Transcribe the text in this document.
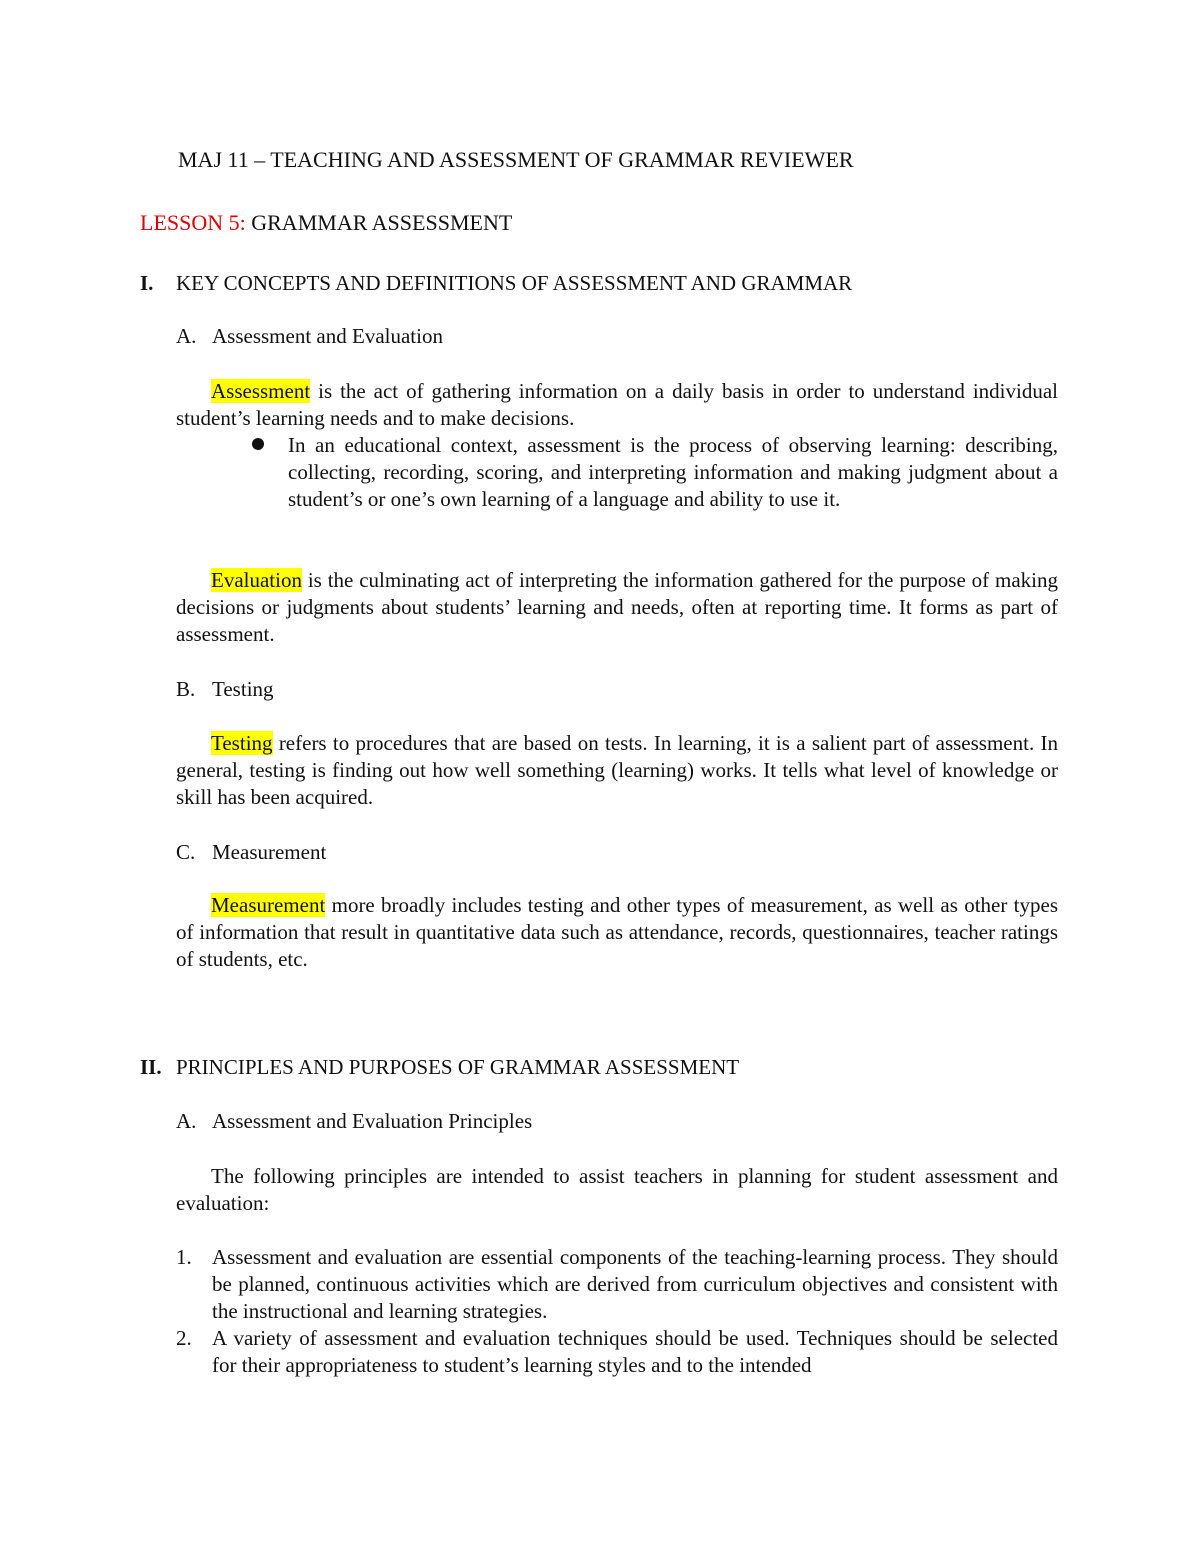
MAJ 11 – TEACHING AND ASSESSMENT OF GRAMMAR REVIEWER
LESSON 5: GRAMMAR ASSESSMENT
I. KEY CONCEPTS AND DEFINITIONS OF ASSESSMENT AND GRAMMAR
A. Assessment and Evaluation
Assessment is the act of gathering information on a daily basis in order to understand individual student’s learning needs and to make decisions.
In an educational context, assessment is the process of observing learning: describing, collecting, recording, scoring, and interpreting information and making judgment about a student’s or one’s own learning of a language and ability to use it.
Evaluation is the culminating act of interpreting the information gathered for the purpose of making decisions or judgments about students’ learning and needs, often at reporting time. It forms as part of assessment.
B. Testing
Testing refers to procedures that are based on tests. In learning, it is a salient part of assessment. In general, testing is finding out how well something (learning) works. It tells what level of knowledge or skill has been acquired.
C. Measurement
Measurement more broadly includes testing and other types of measurement, as well as other types of information that result in quantitative data such as attendance, records, questionnaires, teacher ratings of students, etc.
II. PRINCIPLES AND PURPOSES OF GRAMMAR ASSESSMENT
A. Assessment and Evaluation Principles
The following principles are intended to assist teachers in planning for student assessment and evaluation:
1. Assessment and evaluation are essential components of the teaching-learning process. They should be planned, continuous activities which are derived from curriculum objectives and consistent with the instructional and learning strategies.
2. A variety of assessment and evaluation techniques should be used. Techniques should be selected for their appropriateness to student’s learning styles and to the intended
